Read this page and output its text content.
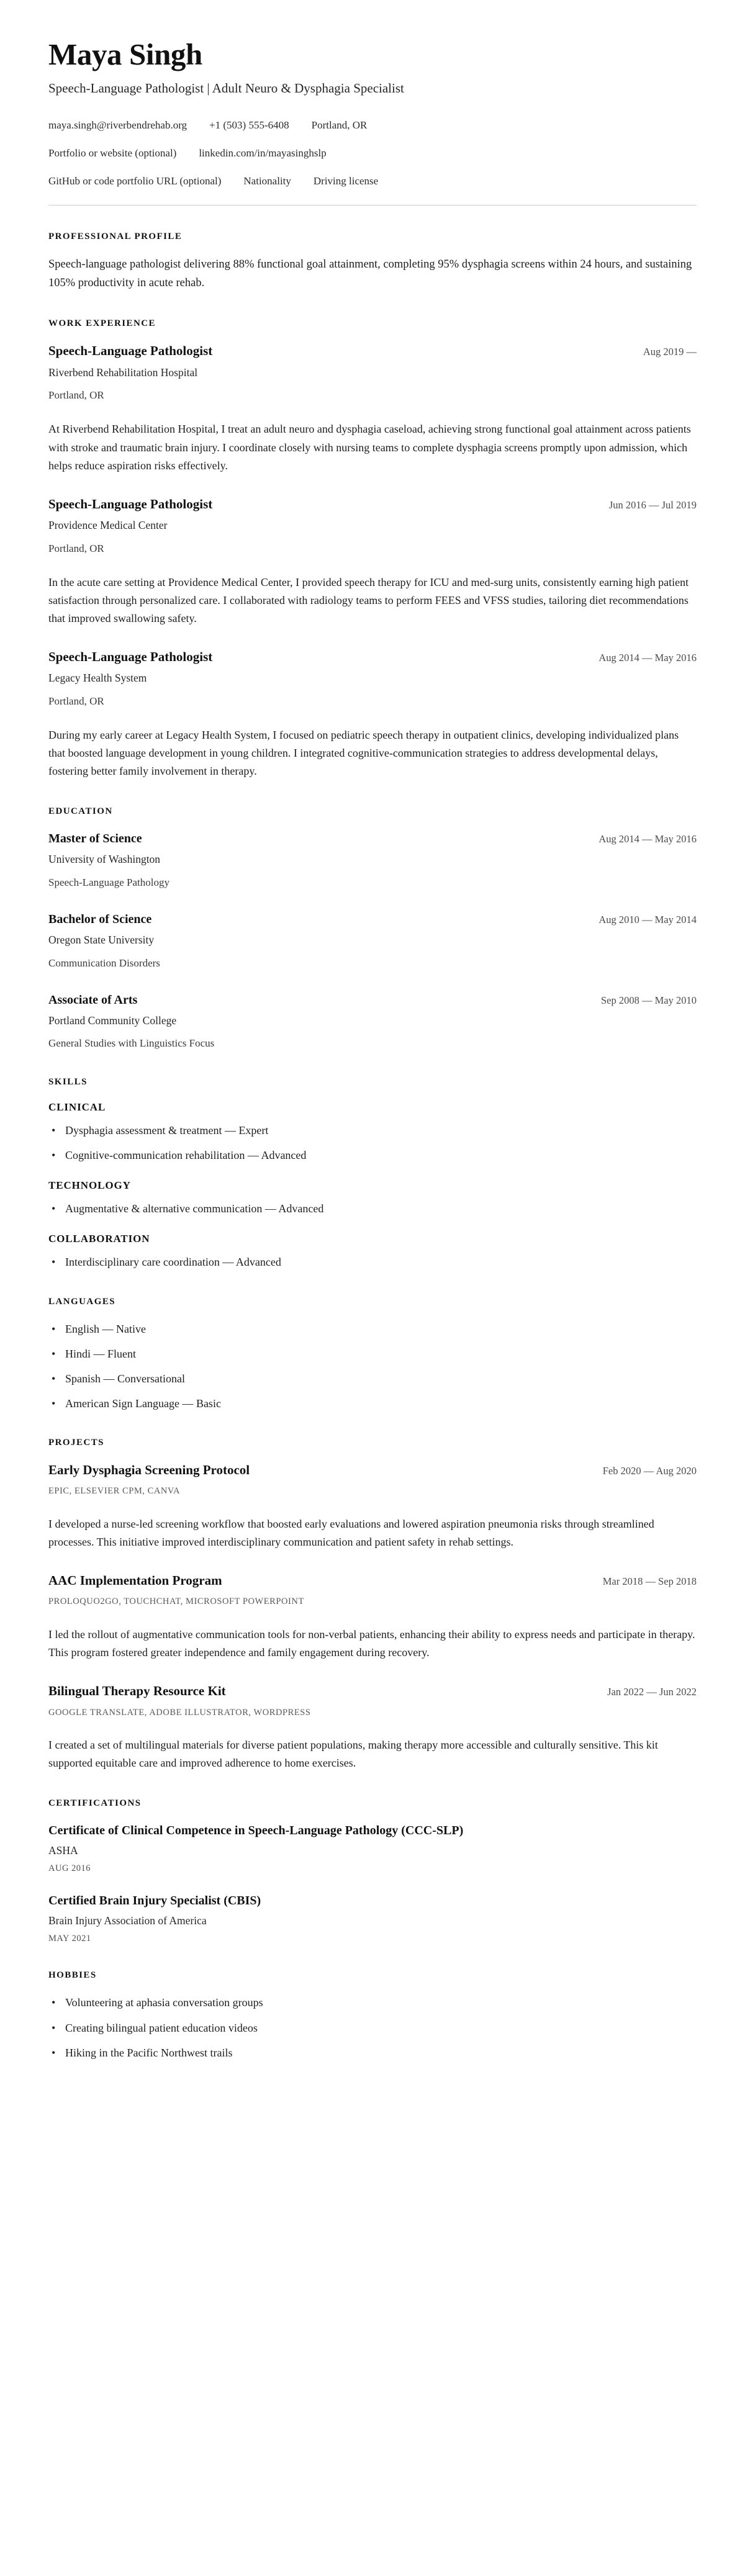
Maya Singh
Speech-Language Pathologist | Adult Neuro & Dysphagia Specialist
maya.singh@riverbendrehab.org +1 (503) 555-6408 Portland, OR
Portfolio or website (optional) linkedin.com/in/mayasinghslp
GitHub or code portfolio URL (optional) Nationality Driving license
PROFESSIONAL PROFILE

Speech-language pathologist delivering 88% functional goal attainment, completing 95% dysphagia screens within 24 hours, and sustaining 105% productivity in acute rehab.

WORK EXPERIENCE
Speech-Language Pathologist	Aug 2019 —
Riverbend Rehabilitation Hospital
Portland, OR
At Riverbend Rehabilitation Hospital, I treat an adult neuro and dysphagia caseload, achieving strong functional goal attainment across patients with stroke and traumatic brain injury. I coordinate closely with nursing teams to complete dysphagia screens promptly upon admission, which helps reduce aspiration risks effectively.
Speech-Language Pathologist	Jun 2016 — Jul 2019
Providence Medical Center
Portland, OR
In the acute care setting at Providence Medical Center, I provided speech therapy for ICU and med-surg units, consistently earning high patient satisfaction through personalized care. I collaborated with radiology teams to perform FEES and VFSS studies, tailoring diet recommendations that improved swallowing safety.
Speech-Language Pathologist	Aug 2014 — May 2016
Legacy Health System
Portland, OR
During my early career at Legacy Health System, I focused on pediatric speech therapy in outpatient clinics, developing individualized plans that boosted language development in young children. I integrated cognitive-communication strategies to address developmental delays, fostering better family involvement in therapy.
EDUCATION
Master of Science	Aug 2014 — May 2016
University of Washington
Speech-Language Pathology
Bachelor of Science	Aug 2010 — May 2014
Oregon State University
Communication Disorders
Associate of Arts	Sep 2008 — May 2010
Portland Community College
General Studies with Linguistics Focus
SKILLS
CLINICAL
• Dysphagia assessment & treatment — Expert
• Cognitive-communication rehabilitation — Advanced
TECHNOLOGY
• Augmentative & alternative communication — Advanced
COLLABORATION
• Interdisciplinary care coordination — Advanced
LANGUAGES
• English — Native
• Hindi — Fluent
• Spanish — Conversational
• American Sign Language — Basic
PROJECTS
Early Dysphagia Screening Protocol	Feb 2020 — Aug 2020
EPIC, ELSEVIER CPM, CANVA
I developed a nurse-led screening workflow that boosted early evaluations and lowered aspiration pneumonia risks through streamlined processes. This initiative improved interdisciplinary communication and patient safety in rehab settings.
AAC Implementation Program	Mar 2018 — Sep 2018
PROLOQUO2GO, TOUCHCHAT, MICROSOFT POWERPOINT
I led the rollout of augmentative communication tools for non-verbal patients, enhancing their ability to express needs and participate in therapy. This program fostered greater independence and family engagement during recovery.
Bilingual Therapy Resource Kit	Jan 2022 — Jun 2022
GOOGLE TRANSLATE, ADOBE ILLUSTRATOR, WORDPRESS
I created a set of multilingual materials for diverse patient populations, making therapy more accessible and culturally sensitive. This kit supported equitable care and improved adherence to home exercises.
CERTIFICATIONS
Certificate of Clinical Competence in Speech-Language Pathology (CCC-SLP)
ASHA
AUG 2016
Certified Brain Injury Specialist (CBIS)
Brain Injury Association of America
MAY 2021
HOBBIES
• Volunteering at aphasia conversation groups
• Creating bilingual patient education videos
• Hiking in the Pacific Northwest trails
